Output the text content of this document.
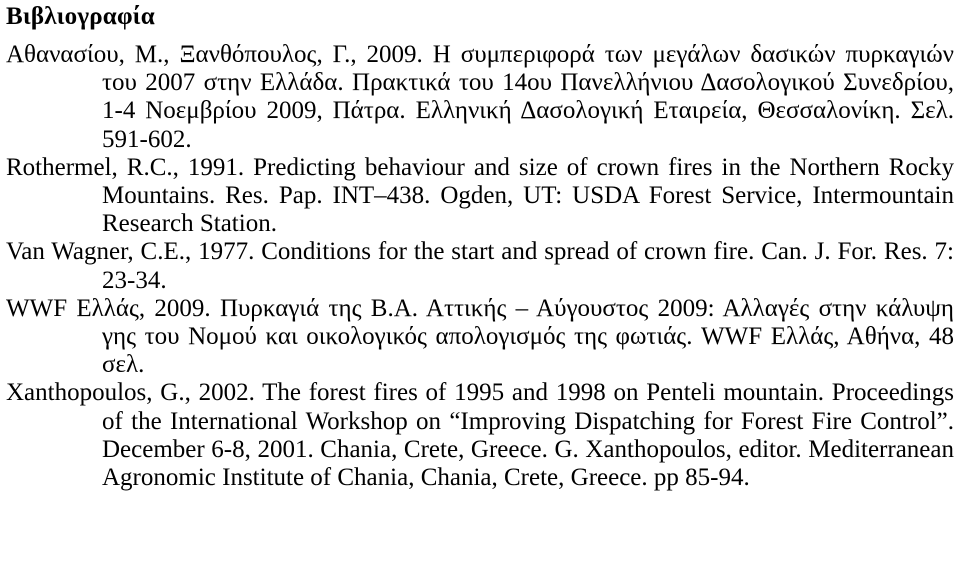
Βιβλιογραφία
Αθανασίου, Μ., Ξανθόπουλος, Γ., 2009. Η συμπεριφορά των μεγάλων δασικών πυρκαγιών του 2007 στην Ελλάδα. Πρακτικά του 14ου Πανελλήνιου Δασολογικού Συνεδρίου, 1-4 Νοεμβρίου 2009, Πάτρα. Ελληνική Δασολογική Εταιρεία, Θεσσαλονίκη. Σελ. 591-602.
Rothermel, R.C., 1991. Predicting behaviour and size of crown fires in the Northern Rocky Mountains. Res. Pap. INT‒438. Ogden, UT: USDA Forest Service, Intermountain Research Station.
Van Wagner, C.E., 1977. Conditions for the start and spread of crown fire. Can. J. For. Res. 7: 23-34.
WWF Ελλάς, 2009. Πυρκαγιά της Β.Α. Αττικής ‒ Αύγουστος 2009: Αλλαγές στην κάλυψη γης του Νομού και οικολογικός απολογισμός της φωτιάς. WWF Ελλάς, Αθήνα, 48 σελ.
Xanthopoulos, G., 2002. The forest fires of 1995 and 1998 on Penteli mountain. Proceedings of the International Workshop on “Improving Dispatching for Forest Fire Control”. December 6-8, 2001. Chania, Crete, Greece. G. Xanthopoulos, editor. Mediterranean Agronomic Institute of Chania, Chania, Crete, Greece. pp 85-94.
